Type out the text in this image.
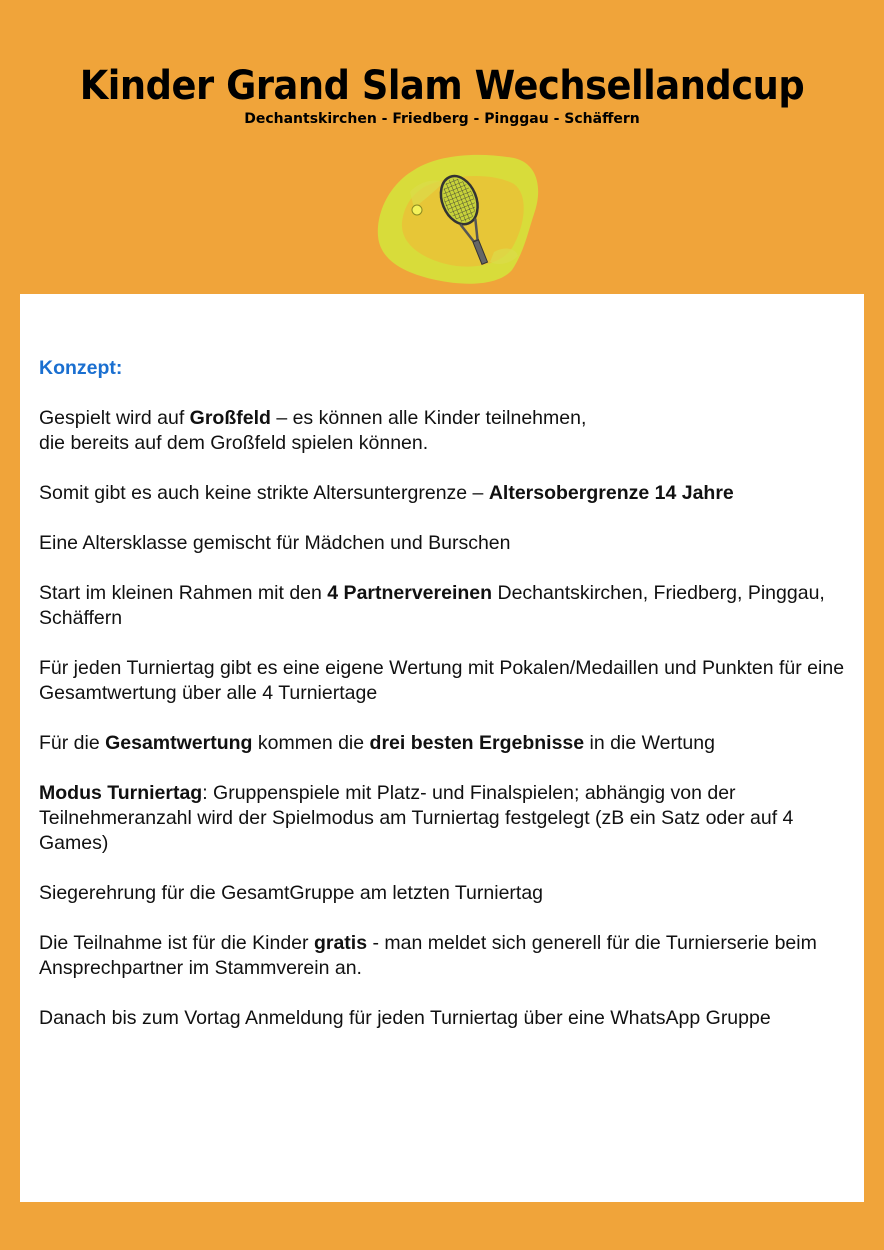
Kinder Grand Slam Wechsellandcup
Dechantskirchen - Friedberg - Pinggau - Schäffern

Konzept:

Gespielt wird auf Großfeld – es können alle Kinder teilnehmen,
die bereits auf dem Großfeld spielen können.

Somit gibt es auch keine strikte Altersuntergrenze – Altersobergrenze 14 Jahre

Eine Altersklasse gemischt für Mädchen und Burschen

Start im kleinen Rahmen mit den 4 Partnervereinen Dechantskirchen, Friedberg, Pinggau, Schäffern

Für jeden Turniertag gibt es eine eigene Wertung mit Pokalen/Medaillen und Punkten für eine Gesamtwertung über alle 4 Turniertage

Für die Gesamtwertung kommen die drei besten Ergebnisse in die Wertung

Modus Turniertag: Gruppenspiele mit Platz- und Finalspielen; abhängig von der Teilnehmeranzahl wird der Spielmodus am Turniertag festgelegt (zB ein Satz oder auf 4 Games)

Siegerehrung für die GesamtGruppe am letzten Turniertag

Die Teilnahme ist für die Kinder gratis - man meldet sich generell für die Turnierserie beim Ansprechpartner im Stammverein an.

Danach bis zum Vortag Anmeldung für jeden Turniertag über eine WhatsApp Gruppe
